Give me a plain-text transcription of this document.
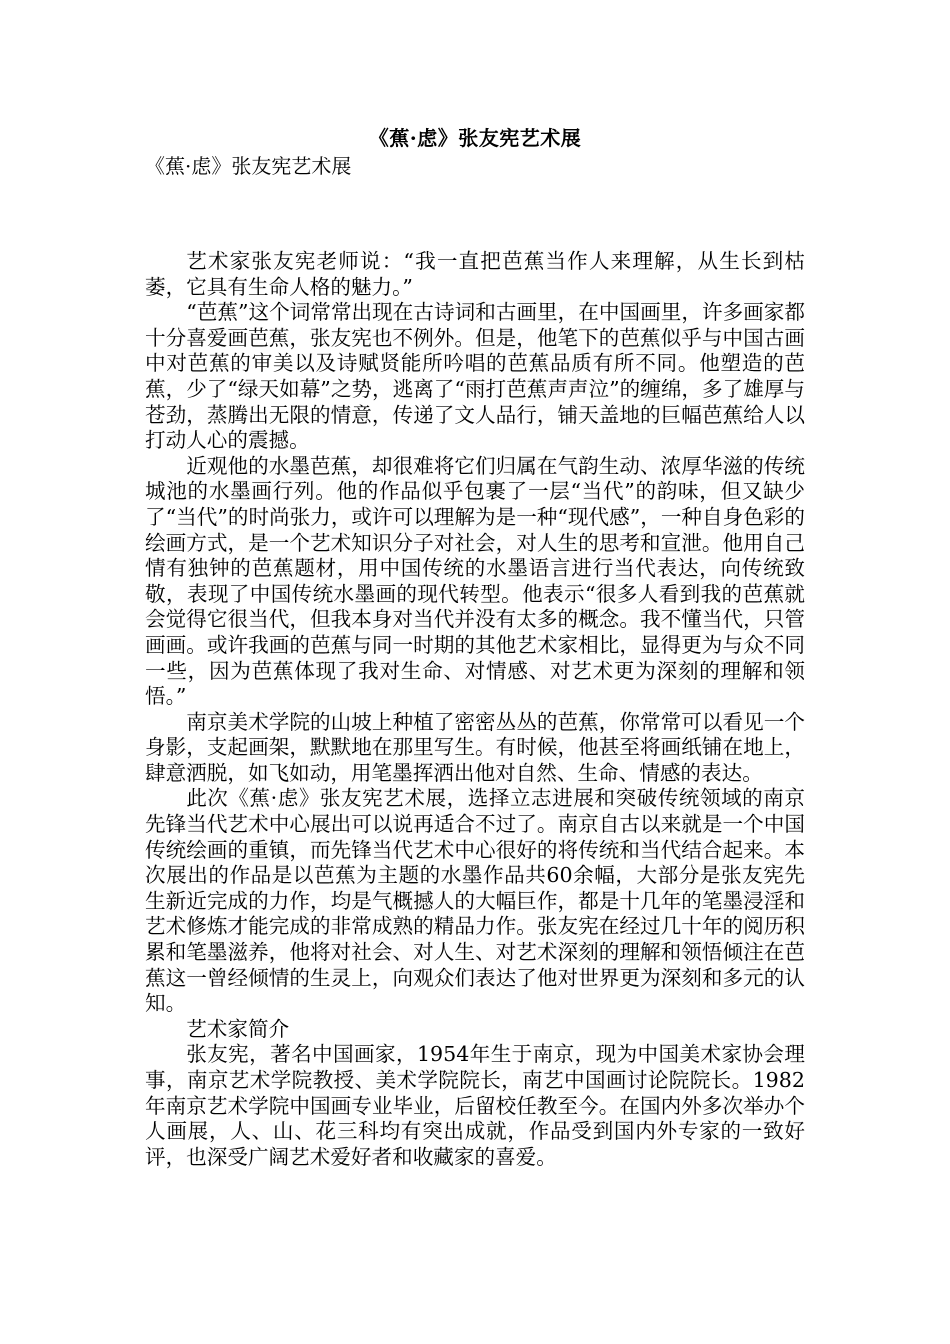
《蕉·虑》张友宪艺术展
《蕉·虑》张友宪艺术展

艺术家张友宪老师说：“我一直把芭蕉当作人来理解，从生长到枯萎，它具有生命人格的魅力。”

“芭蕉”这个词常常出现在古诗词和古画里，在中国画里，许多画家都十分喜爱画芭蕉，张友宪也不例外。但是，他笔下的芭蕉似乎与中国古画中对芭蕉的审美以及诗赋贤能所吟唱的芭蕉品质有所不同。他塑造的芭蕉，少了“绿天如幕”之势，逃离了“雨打芭蕉声声泣”的缠绵，多了雄厚与苍劲，蒸腾出无限的情意，传递了文人品行，铺天盖地的巨幅芭蕉给人以打动人心的震撼。

近观他的水墨芭蕉，却很难将它们归属在气韵生动、浓厚华滋的传统城池的水墨画行列。他的作品似乎包裹了一层“当代”的韵味，但又缺少了“当代”的时尚张力，或许可以理解为是一种“现代感”，一种自身色彩的绘画方式，是一个艺术知识分子对社会，对人生的思考和宣泄。他用自己情有独钟的芭蕉题材，用中国传统的水墨语言进行当代表达，向传统致敬，表现了中国传统水墨画的现代转型。他表示“很多人看到我的芭蕉就会觉得它很当代，但我本身对当代并没有太多的概念。我不懂当代，只管画画。或许我画的芭蕉与同一时期的其他艺术家相比，显得更为与众不同一些，因为芭蕉体现了我对生命、对情感、对艺术更为深刻的理解和领悟。”

南京美术学院的山坡上种植了密密丛丛的芭蕉，你常常可以看见一个身影，支起画架，默默地在那里写生。有时候，他甚至将画纸铺在地上，肆意洒脱，如飞如动，用笔墨挥洒出他对自然、生命、情感的表达。

此次《蕉·虑》张友宪艺术展，选择立志进展和突破传统领域的南京先锋当代艺术中心展出可以说再适合不过了。南京自古以来就是一个中国传统绘画的重镇，而先锋当代艺术中心很好的将传统和当代结合起来。本次展出的作品是以芭蕉为主题的水墨作品共60余幅，大部分是张友宪先生新近完成的力作，均是气概撼人的大幅巨作，都是十几年的笔墨浸淫和艺术修炼才能完成的非常成熟的精品力作。张友宪在经过几十年的阅历积累和笔墨滋养，他将对社会、对人生、对艺术深刻的理解和领悟倾注在芭蕉这一曾经倾情的生灵上，向观众们表达了他对世界更为深刻和多元的认知。

艺术家简介

张友宪，著名中国画家，1954年生于南京，现为中国美术家协会理事，南京艺术学院教授、美术学院院长，南艺中国画讨论院院长。1982年南京艺术学院中国画专业毕业，后留校任教至今。在国内外多次举办个人画展，人、山、花三科均有突出成就，作品受到国内外专家的一致好评，也深受广阔艺术爱好者和收藏家的喜爱。
